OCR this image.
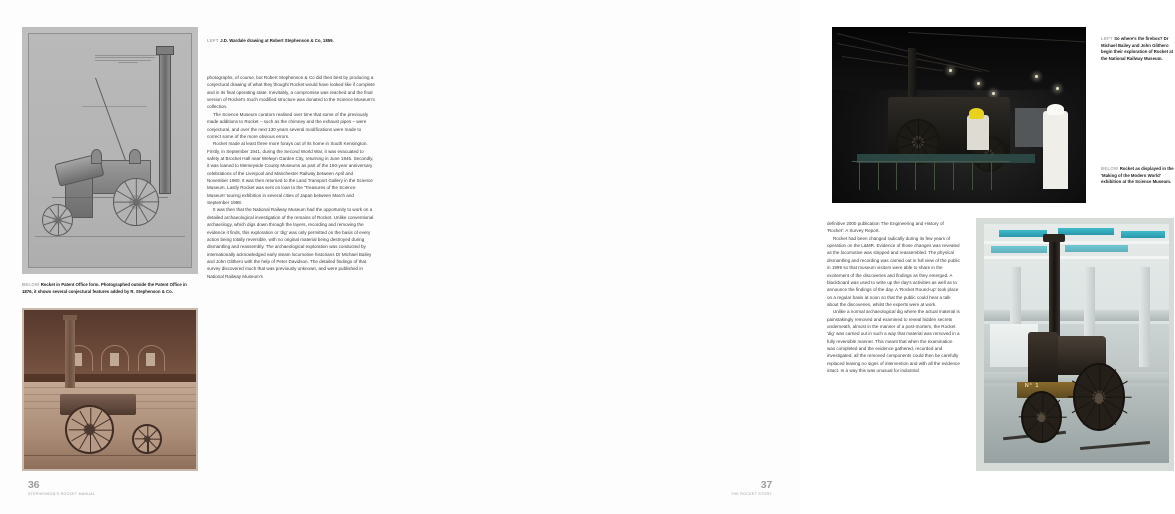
BELOW Rocket in Patent Office form. Photographed outside the Patent Office in 1876, it shows several conjectural features added by R. Stephenson & Co.
LEFT J.D. Wardale drawing at Robert Stephenson & Co, 1859.

photographs, of course, but Robert Stephenson & Co did their best by producing a conjectural drawing of what they thought Rocket would have looked like if complete and in its final operating state. Inevitably, a compromise was reached and the final version of Rocket's much modified structure was donated to the Science Museum's collection.

The Science Museum curators realised over time that some of the previously made additions to Rocket – such as the chimney and the exhaust pipes – were conjectural, and over the next 130 years several modifications were made to correct some of the more obvious errors.

Rocket made at least three more forays out of its home in South Kensington. Firstly, in September 1941, during the Second World War, it was evacuated to safety at Brocket Hall near Welwyn Garden City, returning in June 1945. Secondly, it was loaned to Merseyside County Museums as part of the 150-year anniversary celebrations of the Liverpool and Manchester Railway between April and November 1980. It was then returned to the Land Transport Gallery in the Science Museum. Lastly Rocket was sent on loan to the 'Treasures of the Science Museum' touring exhibition in several cities of Japan between March and September 1998.

It was then that the National Railway Museum had the opportunity to work on a detailed archaeological investigation of the remains of Rocket. Unlike conventional archaeology, which digs down through the layers, recording and removing the evidence it finds, this exploration or 'dig' was only permitted on the basis of every action being totally reversible, with no original material being destroyed during dismantling and reassembly. The archaeological exploration was conducted by internationally acknowledged early steam locomotive historians Dr Michael Bailey and John Glithero with the help of Peter Davidson. The detailed findings of that survey discovered much that was previously unknown, and were published in National Railway Museum's

36
STEPHENSON'S ROCKET MANUAL
LEFT So where's the firebox? Dr Michael Bailey and John Glithero begin their exploration of Rocket at the National Railway Museum.
BELOW Rocket as displayed in the 'Making of the Modern World' exhibition at the Science Museum.
N° 1

definitive 2000 publication The Engineering and History of 'Rocket': A Survey Report.

Rocket had been changed radically during its few years of operation on the L&MR. Evidence of those changes was revealed as the locomotive was stripped and reassembled. The physical dismantling and recording was carried out in full view of the public in 1999 so that museum visitors were able to share in the excitement of the discoveries and findings as they emerged. A blackboard was used to write up the day's activities as well as to announce the findings of the day. A 'Rocket Round-up' took place on a regular basis at noon so that the public could hear a talk about the discoveries, whilst the experts were at work.

Unlike a normal archaeological dig where the actual material is painstakingly removed and examined to reveal hidden secrets underneath, almost in the manner of a post-mortem, the Rocket 'dig' was carried out in such a way that material was removed in a fully reversible manner. This meant that when the examination was completed and the evidence gathered, recorded and investigated, all the removed components could then be carefully replaced leaving no signs of intervention and with all the evidence intact. In a way this was unusual for industrial

37
THE ROCKET STORY
